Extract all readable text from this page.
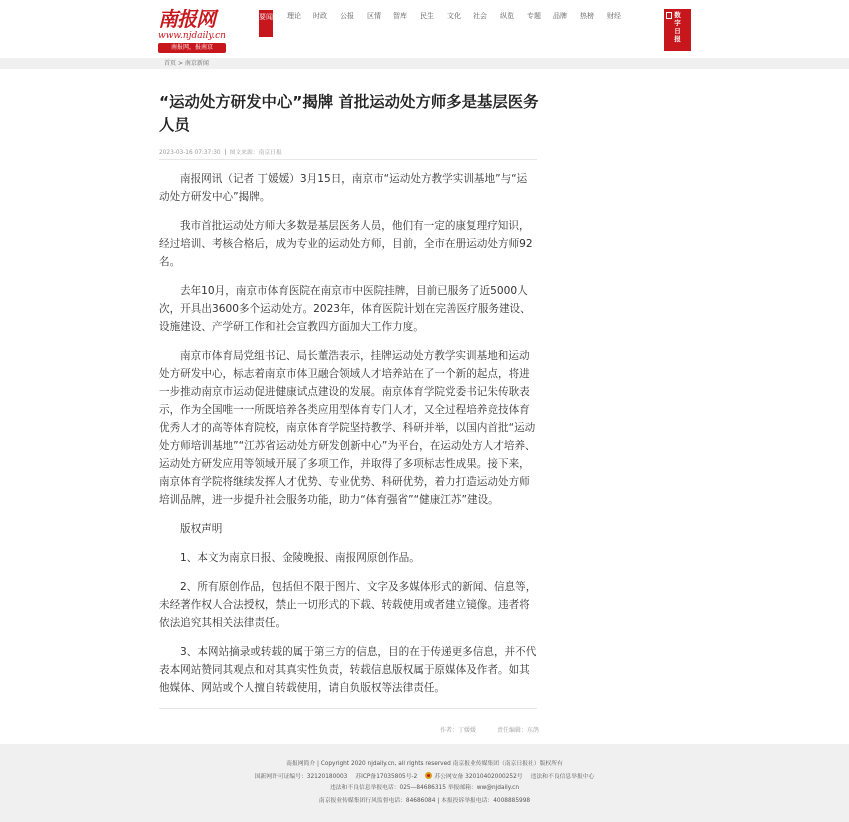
南报网
www.njdaily.cn
南报网，报南京
要闻 理论 时政 公报 区情 智库 民生 文化 社会 纵览 专题 品牌 热榜 财经	数字日报
首页 > 南京新闻
“运动处方研发中心”揭牌 首批运动处方师多是基层医务人员
2023-03-16 07:37:30 图文来源：南京日报

南报网讯（记者 丁媛媛）3月15日，南京市“运动处方教学实训基地”与“运动处方研发中心”揭牌。

我市首批运动处方师大多数是基层医务人员，他们有一定的康复理疗知识，经过培训、考核合格后，成为专业的运动处方师，目前，全市在册运动处方师92名。

去年10月，南京市体育医院在南京市中医院挂牌，目前已服务了近5000人次，开具出3600多个运动处方。2023年，体育医院计划在完善医疗服务建设、设施建设、产学研工作和社会宣教四方面加大工作力度。

南京市体育局党组书记、局长董浩表示，挂牌运动处方教学实训基地和运动处方研发中心，标志着南京市体卫融合领域人才培养站在了一个新的起点，将进一步推动南京市运动促进健康试点建设的发展。南京体育学院党委书记朱传耿表示，作为全国唯一一所既培养各类应用型体育专门人才，又全过程培养竞技体育优秀人才的高等体育院校，南京体育学院坚持教学、科研并举，以国内首批“运动处方师培训基地”“江苏省运动处方研发创新中心”为平台，在运动处方人才培养、运动处方研发应用等领域开展了多项工作，并取得了多项标志性成果。接下来，南京体育学院将继续发挥人才优势、专业优势、科研优势，着力打造运动处方师培训品牌，进一步提升社会服务功能，助力“体育强省”“健康江苏”建设。

版权声明

1、本文为南京日报、金陵晚报、南报网原创作品。

2、所有原创作品，包括但不限于图片、文字及多媒体形式的新闻、信息等，未经著作权人合法授权，禁止一切形式的下载、转载使用或者建立镜像。违者将依法追究其相关法律责任。

3、本网站摘录或转载的属于第三方的信息，目的在于传递更多信息，并不代表本网站赞同其观点和对其真实性负责，转载信息版权属于原媒体及作者。如其他媒体、网站或个人擅自转载使用，请自负版权等法律责任。

作者：丁媛媛	责任编辑：东鸽
南报网简介 | Copyright 2020 njdaily.cn, all rights reserved 南京报业传媒集团（南京日报社）版权所有
国新网许可证编号：32120180003 苏ICP备17035805号-2	苏公网安备 32010402000252号 违法和不良信息举报中心
违法和不良信息举报电话：025—84686315 举报邮箱：ww@njdaily.cn
南京报业传媒集团行风监督电话：84686084 | 本报投诉举报电话：4008885998
